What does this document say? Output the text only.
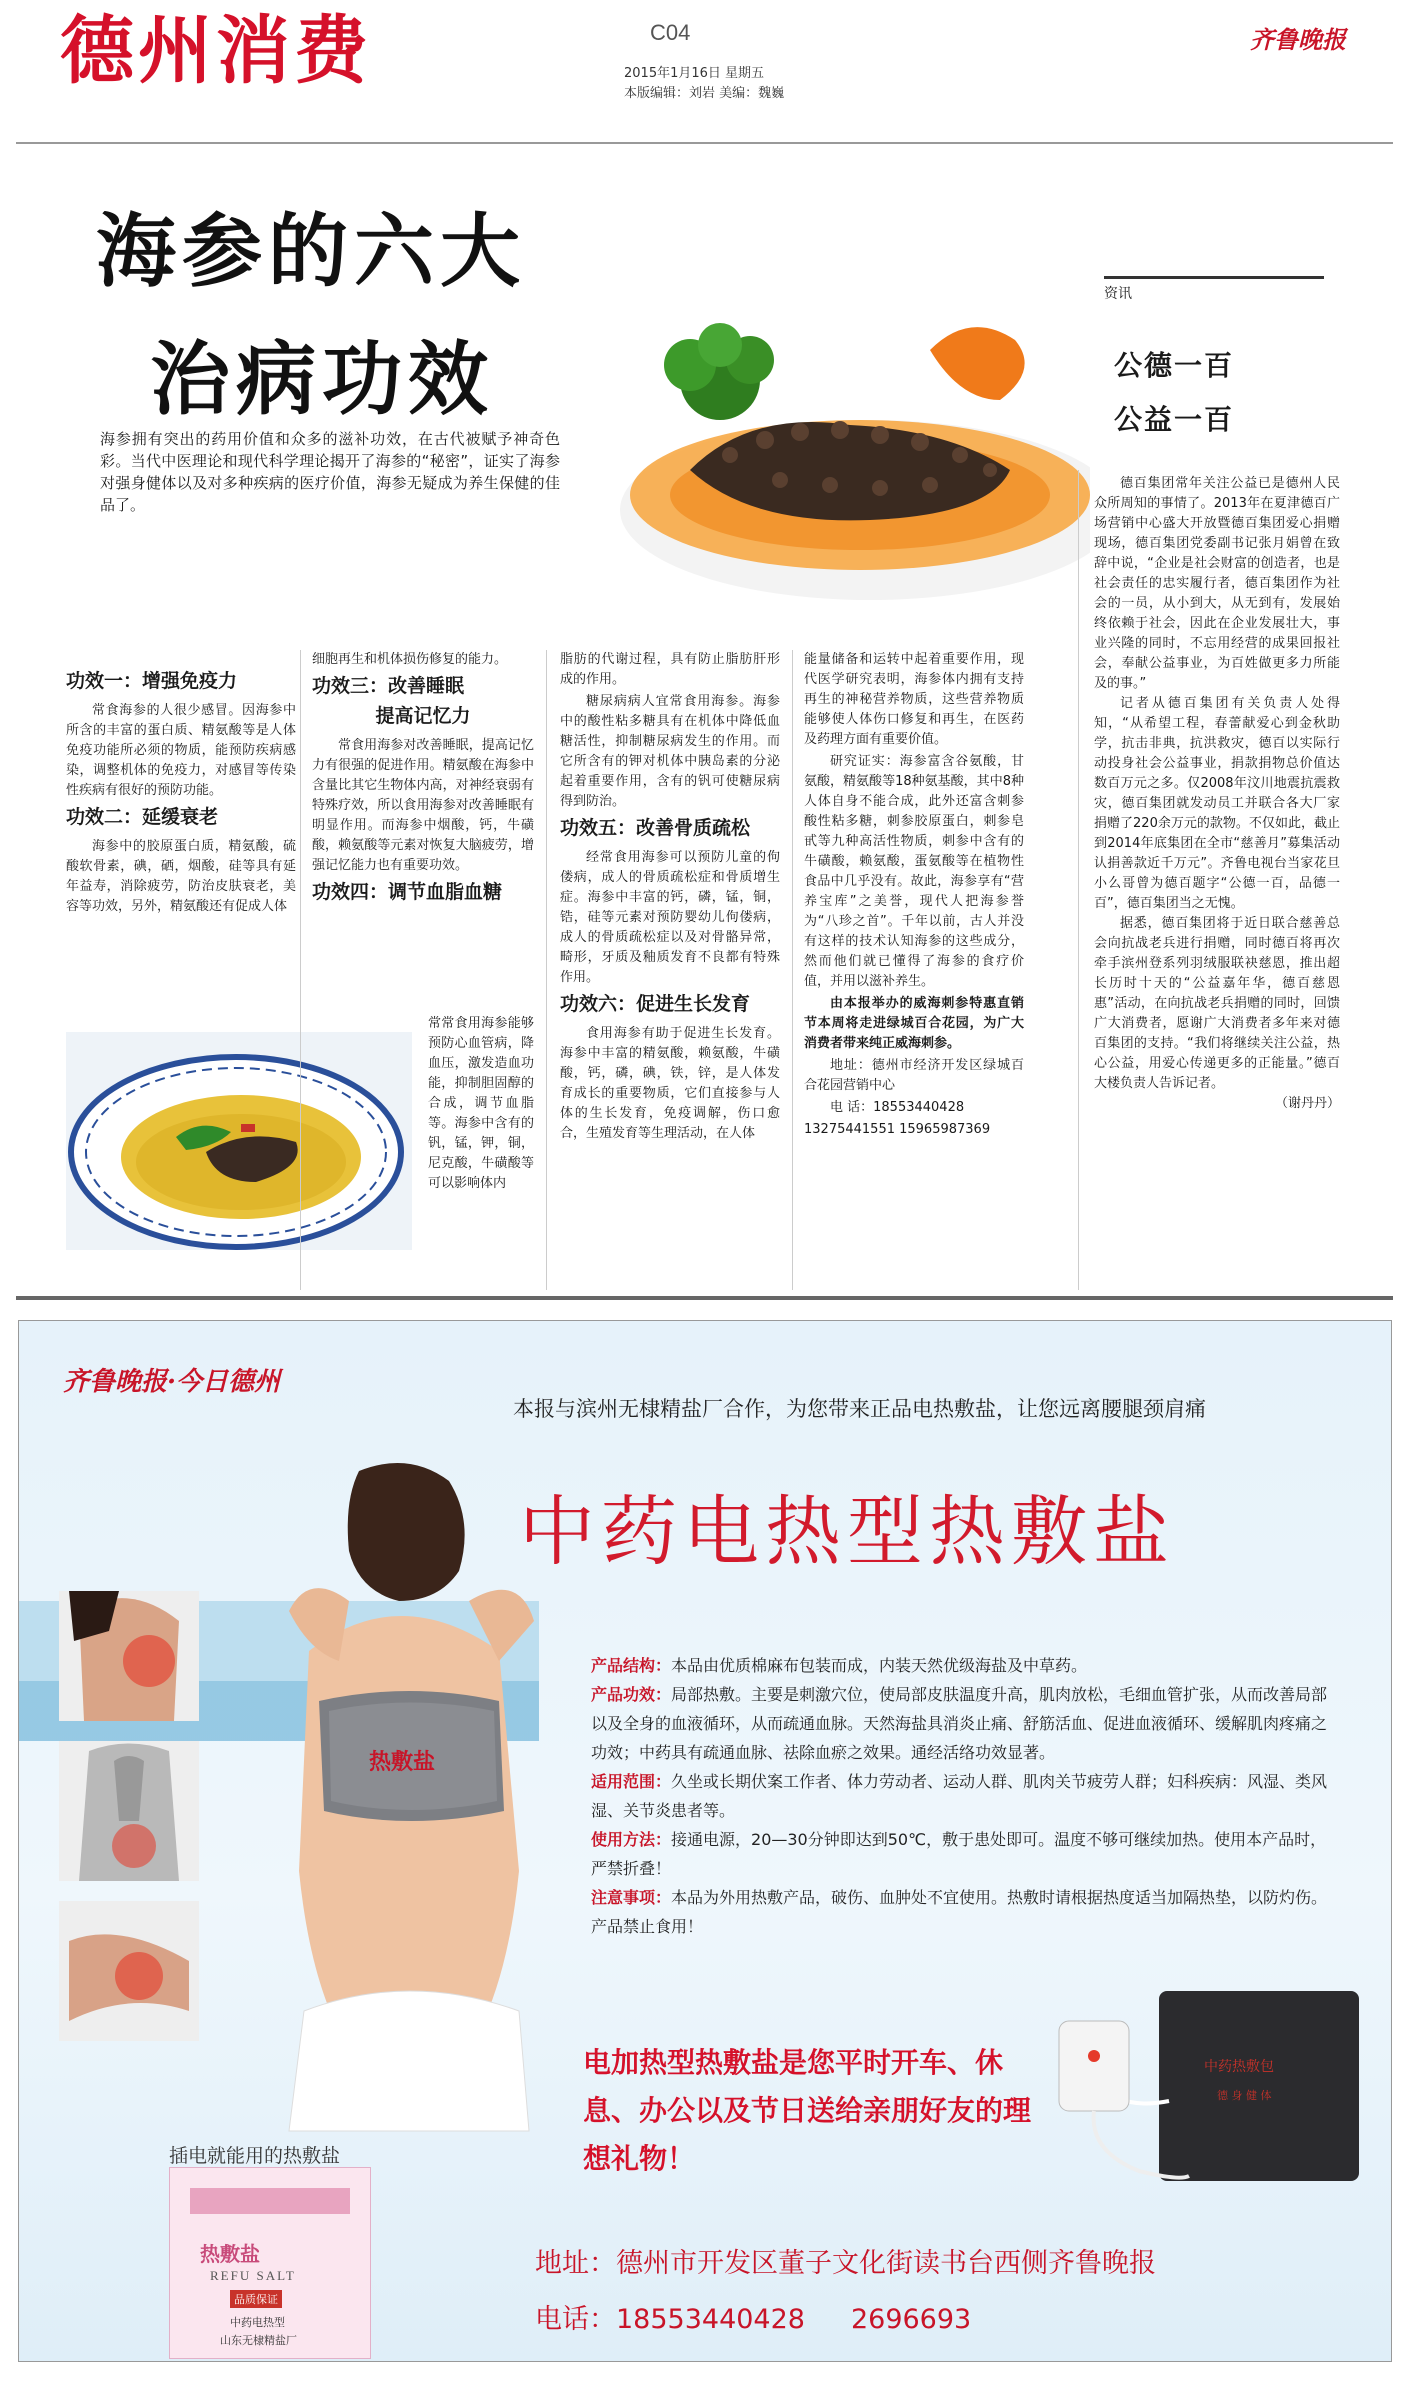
德州消费	C04
2015年1月16日 星期五
本版编辑：刘岩 美编：魏巍
齐鲁晚报
海参的六大
治病功效
海参拥有突出的药用价值和众多的滋补功效，在古代被赋予神奇色彩。当代中医理论和现代科学理论揭开了海参的“秘密”，证实了海参对强身健体以及对多种疾病的医疗价值，海参无疑成为养生保健的佳品了。
功效一：增强免疫力

常食海参的人很少感冒。因海参中所含的丰富的蛋白质、精氨酸等是人体免疫功能所必须的物质，能预防疾病感染，调整机体的免疫力，对感冒等传染性疾病有很好的预防功能。

功效二：延缓衰老

海参中的胶原蛋白质，精氨酸，硫酸软骨素，碘，硒，烟酸，硅等具有延年益寿，消除疲劳，防治皮肤衰老，美容等功效，另外，精氨酸还有促成人体

细胞再生和机体损伤修复的能力。

功效三：改善睡眠
提高记忆力

常食用海参对改善睡眠，提高记忆力有很强的促进作用。精氨酸在海参中含量比其它生物体内高，对神经衰弱有特殊疗效，所以食用海参对改善睡眠有明显作用。而海参中烟酸，钙，牛磺酸，赖氨酸等元素对恢复大脑疲劳，增强记忆能力也有重要功效。

功效四：调节血脂血糖
常常食用海参能够预防心血管病，降血压，激发造血功能，抑制胆固醇的合成，调节血脂等。海参中含有的钒，锰，钾，铜，尼克酸，牛磺酸等可以影响体内

脂肪的代谢过程，具有防止脂肪肝形成的作用。

糖尿病病人宜常食用海参。海参中的酸性粘多糖具有在机体中降低血糖活性，抑制糖尿病发生的作用。而它所含有的钾对机体中胰岛素的分泌起着重要作用，含有的钒可使糖尿病得到防治。

功效五：改善骨质疏松

经常食用海参可以预防儿童的佝偻病，成人的骨质疏松症和骨质增生症。海参中丰富的钙，磷，锰，铜，锆，硅等元素对预防婴幼儿佝偻病，成人的骨质疏松症以及对骨骼异常，畸形，牙质及釉质发育不良都有特殊作用。

功效六：促进生长发育

食用海参有助于促进生长发育。海参中丰富的精氨酸，赖氨酸，牛磺酸，钙，磷，碘，铁，锌，是人体发育成长的重要物质，它们直接参与人体的生长发育，免疫调解，伤口愈合，生殖发育等生理活动，在人体

能量储备和运转中起着重要作用，现代医学研究表明，海参体内拥有支持再生的神秘营养物质，这些营养物质能够使人体伤口修复和再生，在医药及药理方面有重要价值。

研究证实：海参富含谷氨酸，甘氨酸，精氨酸等18种氨基酸，其中8种人体自身不能合成，此外还富含刺参酸性粘多糖，刺参胶原蛋白，刺参皂甙等九种高活性物质，刺参中含有的牛磺酸，赖氨酸，蛋氨酸等在植物性食品中几乎没有。故此，海参享有“营养宝库”之美誉，现代人把海参誉为“八珍之首”。千年以前，古人并没有这样的技术认知海参的这些成分，然而他们就已懂得了海参的食疗价值，并用以滋补养生。

由本报举办的威海刺参特惠直销节本周将走进绿城百合花园，为广大消费者带来纯正威海刺参。

地址：德州市经济开发区绿城百合花园营销中心

电 话：18553440428

13275441551 15965987369

资讯
公德一百
公益一百

德百集团常年关注公益已是德州人民众所周知的事情了。2013年在夏津德百广场营销中心盛大开放暨德百集团爱心捐赠现场，德百集团党委副书记张月娟曾在致辞中说，“企业是社会财富的创造者，也是社会责任的忠实履行者，德百集团作为社会的一员，从小到大，从无到有，发展始终依赖于社会，因此在企业发展壮大，事业兴隆的同时，不忘用经营的成果回报社会，奉献公益事业，为百姓做更多力所能及的事。”

记者从德百集团有关负责人处得知，“从希望工程，春蕾献爱心到金秋助学，抗击非典，抗洪救灾，德百以实际行动投身社会公益事业，捐款捐物总价值达数百万元之多。仅2008年汶川地震抗震救灾，德百集团就发动员工并联合各大厂家捐赠了220余万元的款物。不仅如此，截止到2014年底集团在全市“慈善月”募集活动认捐善款近千万元”。齐鲁电视台当家花旦小么哥曾为德百题字“公德一百，品德一百”，德百集团当之无愧。

据悉，德百集团将于近日联合慈善总会向抗战老兵进行捐赠，同时德百将再次牵手滨州登系列羽绒服联袂慈恩，推出超长历时十天的“公益嘉年华，德百慈恩惠”活动，在向抗战老兵捐赠的同时，回馈广大消费者，愿谢广大消费者多年来对德百集团的支持。“我们将继续关注公益，热心公益，用爱心传递更多的正能量。”德百大楼负责人告诉记者。

（谢丹丹）

齐鲁晚报·今日德州
本报与滨州无棣精盐厂合作，为您带来正品电热敷盐，让您远离腰腿颈肩痛
中药电热型热敷盐
热敷盐
插电就能用的热敷盐
热敷盐
REFU SALT
品质保证
中药电热型
山东无棣精盐厂

产品结构：本品由优质棉麻布包装而成，内装天然优级海盐及中草药。

产品功效：局部热敷。主要是刺激穴位，使局部皮肤温度升高，肌肉放松，毛细血管扩张，从而改善局部以及全身的血液循环，从而疏通血脉。天然海盐具消炎止痛、舒筋活血、促进血液循环、缓解肌肉疼痛之功效；中药具有疏通血脉、祛除血瘀之效果。通经活络功效显著。

适用范围：久坐或长期伏案工作者、体力劳动者、运动人群、肌肉关节疲劳人群；妇科疾病：风湿、类风湿、关节炎患者等。

使用方法：接通电源，20—30分钟即达到50℃，敷于患处即可。温度不够可继续加热。使用本产品时，严禁折叠！

注意事项：本品为外用热敷产品，破伤、血肿处不宜使用。热敷时请根据热度适当加隔热垫，以防灼伤。产品禁止食用！

电加热型热敷盐是您平时开车、休息、办公以及节日送给亲朋好友的理想礼物！
中药热敷包
德 身 健 体
地址：德州市开发区董子文化街读书台西侧齐鲁晚报
电话：18553440428 2696693
